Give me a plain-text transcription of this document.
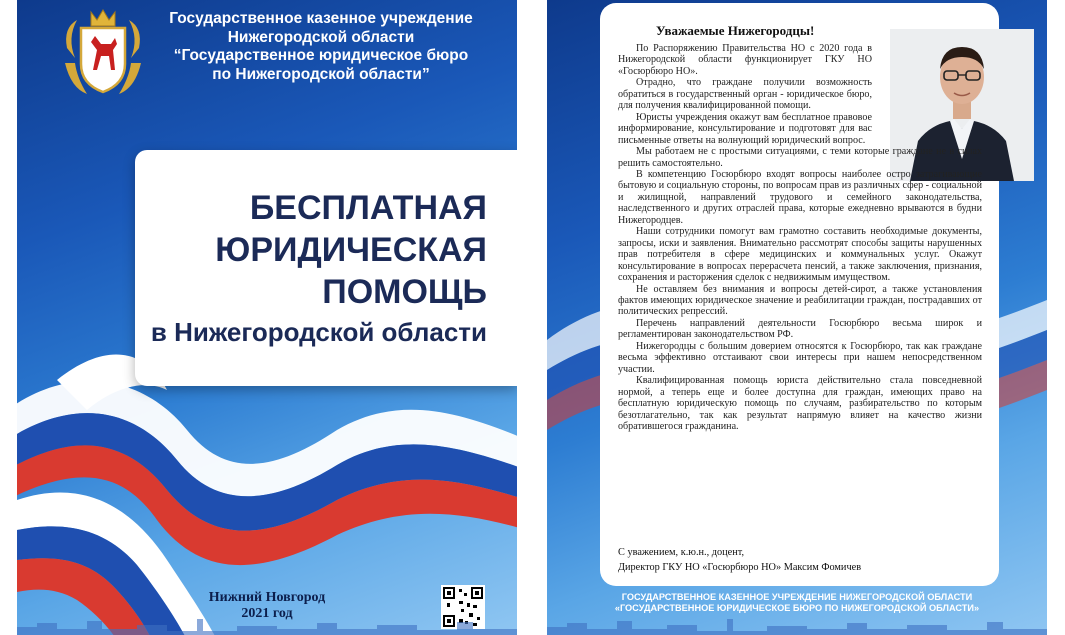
Государственное казенное учреждение
Нижегородской области
“Государственное юридическое бюро
по Нижегородской области”
БЕСПЛАТНАЯ
ЮРИДИЧЕСКАЯ
ПОМОЩЬ
в Нижегородской области
Нижний Новгород
2021 год
Уважаемые Нижегородцы!

По Распоряжению Правительства НО с 2020 года в Нижегородской области функционирует ГКУ НО «Госюрбюро НО».

Отрадно, что граждане получили возможность обратиться в государственный орган - юридическое бюро, для получения квалифицированной помощи.

Юристы учреждения окажут вам бесплатное правовое информирование, консультирование и подготовят для вас письменные ответы на волнующий юридический вопрос.

Мы работаем не с простыми ситуациями, с теми которые граждане не в силах решить самостоятельно.

В компетенцию Госюрбюро входят вопросы наиболее остро затрагивающие бытовую и социальную стороны, по вопросам прав из различных сфер - социальной и жилищной, направлений трудового и семейного законодательства, наследственного и других отраслей права, которые ежедневно врываются в будни Нижегородцев.

Наши сотрудники помогут вам грамотно составить необходимые документы, запросы, иски и заявления. Внимательно рассмотрят способы защиты нарушенных прав потребителя в сфере медицинских и коммунальных услуг. Окажут консультирование в вопросах перерасчета пенсий, а также заключения, признания, сохранения и расторжения сделок с недвижимым имуществом.

Не оставляем без внимания и вопросы детей-сирот, а также установления фактов имеющих юридическое значение и реабилитации граждан, пострадавших от политических репрессий.

Перечень направлений деятельности Госюрбюро весьма широк и регламентирован законодательством РФ.

Нижегородцы с большим доверием относятся к Госюрбюро, так как граждане весьма эффективно отстаивают свои интересы при нашем непосредственном участии.

Квалифицированная помощь юриста действительно стала повседневной нормой, а теперь еще и более доступна для граждан, имеющих право на бесплатную юридическую помощь по случаям, разбирательство по которым безотлагательно, так как результат напрямую влияет на качество жизни обратившегося гражданина.

С уважением, к.ю.н., доцент,
Директор ГКУ НО «Госюрбюро НО» Максим Фомичев
ГОСУДАРСТВЕННОЕ КАЗЕННОЕ УЧРЕЖДЕНИЕ НИЖЕГОРОДСКОЙ ОБЛАСТИ
«ГОСУДАРСТВЕННОЕ ЮРИДИЧЕСКОЕ БЮРО ПО НИЖЕГОРОДСКОЙ ОБЛАСТИ»
